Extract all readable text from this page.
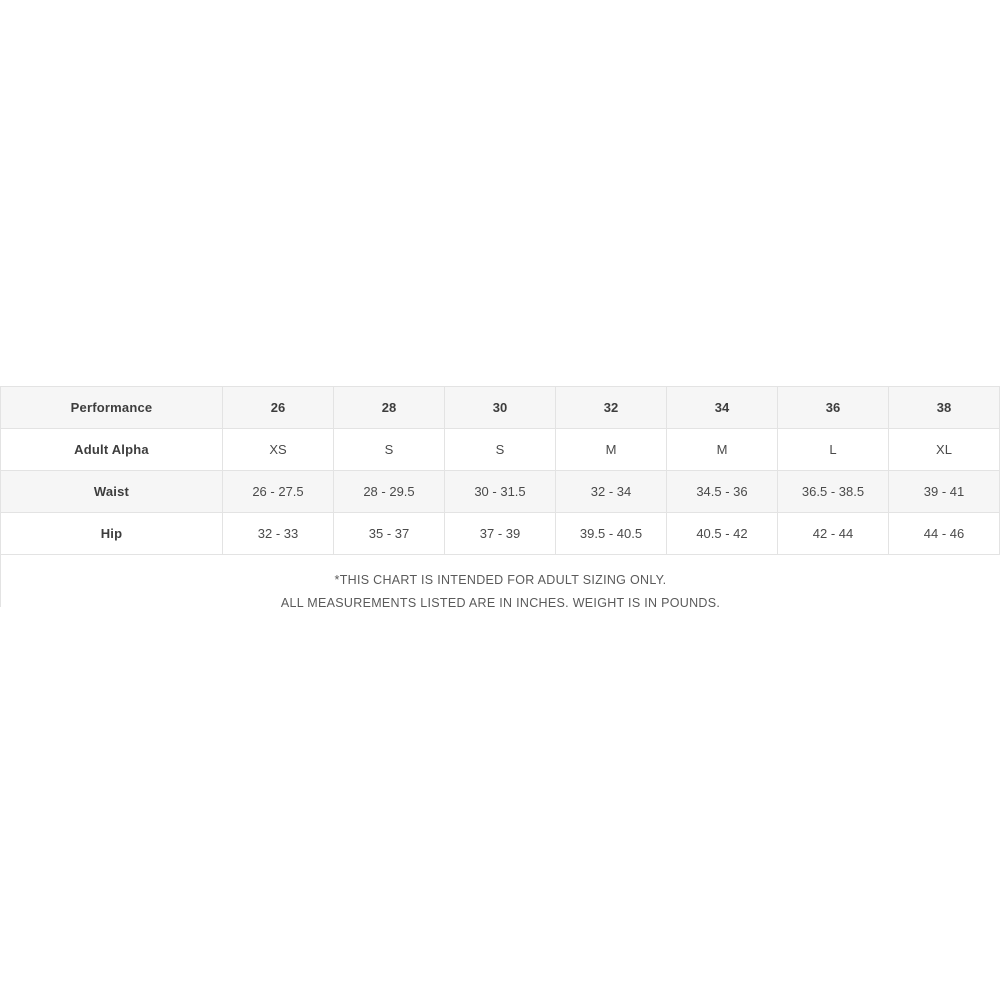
Performance	26	28	30	32	34	36	38
Adult Alpha	XS	S	S	M	M	L	XL
Waist	26 - 27.5	28 - 29.5	30 - 31.5	32 - 34	34.5 - 36	36.5 - 38.5	39 - 41
Hip	32 - 33	35 - 37	37 - 39	39.5 - 40.5	40.5 - 42	42 - 44	44 - 46
*THIS CHART IS INTENDED FOR ADULT SIZING ONLY.
ALL MEASUREMENTS LISTED ARE IN INCHES. WEIGHT IS IN POUNDS.
